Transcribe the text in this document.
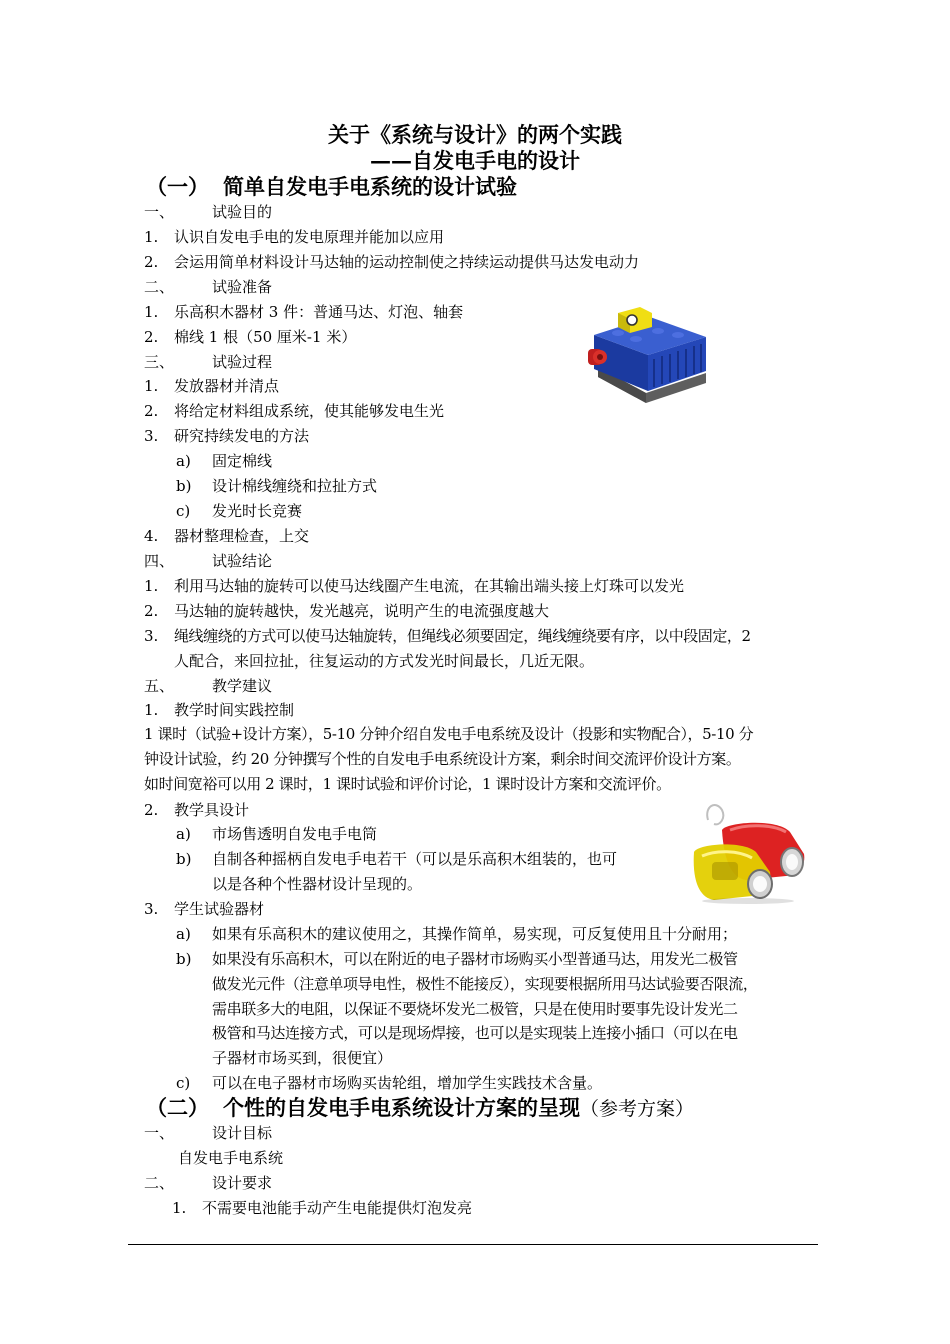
关于《系统与设计》的两个实践
——自发电手电的设计
（一） 简单自发电手电系统的设计试验
一、	试验目的
1. 认识自发电手电的发电原理并能加以应用
2. 会运用简单材料设计马达轴的运动控制使之持续运动提供马达发电动力
二、	试验准备
1. 乐高积木器材 3 件：普通马达、灯泡、轴套
2. 棉线 1 根（50 厘米-1 米）
三、	试验过程
1. 发放器材并清点
2. 将给定材料组成系统，使其能够发电生光
3. 研究持续发电的方法
a) 固定棉线
b) 设计棉线缠绕和拉扯方式
c) 发光时长竞赛
4. 器材整理检查，上交
四、	试验结论
1. 利用马达轴的旋转可以使马达线圈产生电流，在其输出端头接上灯珠可以发光
2. 马达轴的旋转越快，发光越亮，说明产生的电流强度越大
3. 绳线缠绕的方式可以使马达轴旋转，但绳线必须要固定，绳线缠绕要有序，以中段固定，2
人配合，来回拉扯，往复运动的方式发光时间最长，几近无限。
五、	教学建议
1. 教学时间实践控制
1 课时（试验+设计方案），5-10 分钟介绍自发电手电系统及设计（投影和实物配合），5-10 分
钟设计试验，约 20 分钟撰写个性的自发电手电系统设计方案，剩余时间交流评价设计方案。
如时间宽裕可以用 2 课时，1 课时试验和评价讨论，1 课时设计方案和交流评价。
2. 教学具设计
a) 市场售透明自发电手电筒
b) 自制各种摇柄自发电手电若干（可以是乐高积木组装的，也可
以是各种个性器材设计呈现的。
3. 学生试验器材
a) 如果有乐高积木的建议使用之，其操作简单，易实现，可反复使用且十分耐用；
b) 如果没有乐高积木，可以在附近的电子器材市场购买小型普通马达，用发光二极管
做发光元件（注意单项导电性，极性不能接反），实现要根据所用马达试验要否限流，
需串联多大的电阻，以保证不要烧坏发光二极管，只是在使用时要事先设计发光二
极管和马达连接方式，可以是现场焊接，也可以是实现装上连接小插口（可以在电
子器材市场买到，很便宜）
c) 可以在电子器材市场购买齿轮组，增加学生实践技术含量。
（二） 个性的自发电手电系统设计方案的呈现（参考方案）
一、	设计目标
自发电手电系统
二、	设计要求
1. 不需要电池能手动产生电能提供灯泡发亮
